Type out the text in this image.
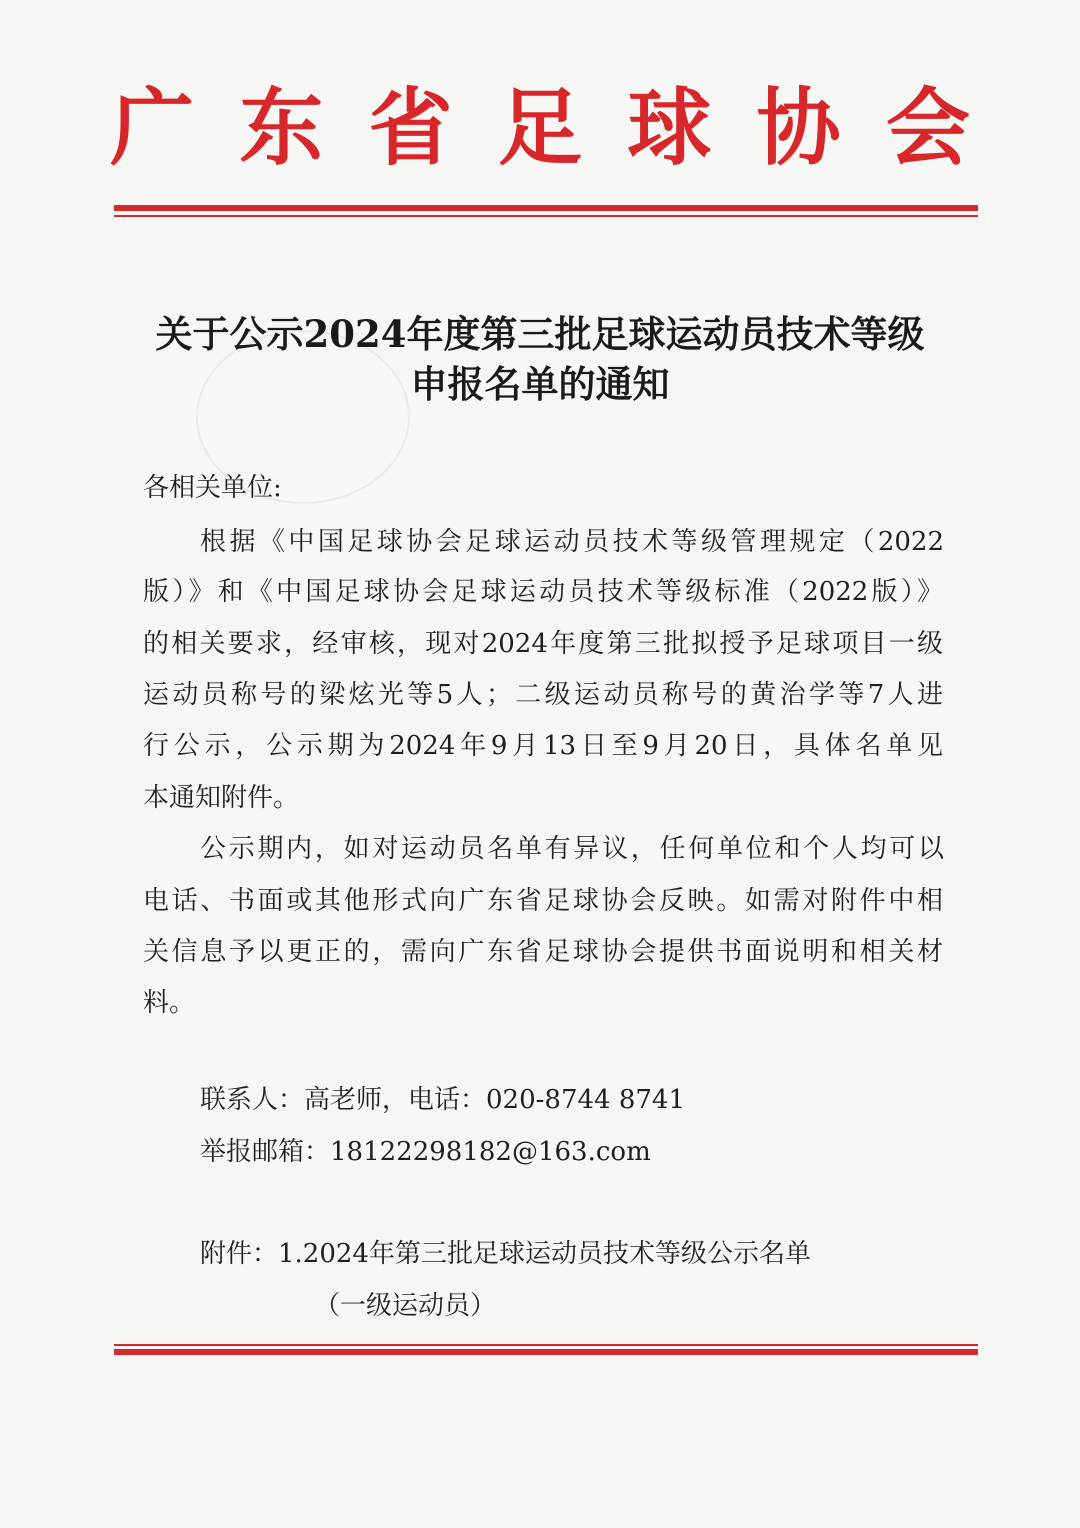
广 东 省 足 球 协 会
关于公示2024年度第三批足球运动员技术等级
申报名单的通知
各相关单位:
根据《中国足球协会足球运动员技术等级管理规定（2022
版）》和《中国足球协会足球运动员技术等级标准（2022版）》
的相关要求，经审核，现对2024年度第三批拟授予足球项目一级
运动员称号的梁炫光等5人；二级运动员称号的黄治学等7人进
行公示，公示期为2024年9月13日至9月20日，具体名单见
本通知附件。
公示期内，如对运动员名单有异议，任何单位和个人均可以
电话、书面或其他形式向广东省足球协会反映。如需对附件中相
关信息予以更正的，需向广东省足球协会提供书面说明和相关材
料。
联系人：高老师，电话：020-8744 8741
举报邮箱：18122298182@163.com
附件：1.2024年第三批足球运动员技术等级公示名单
（一级运动员）
